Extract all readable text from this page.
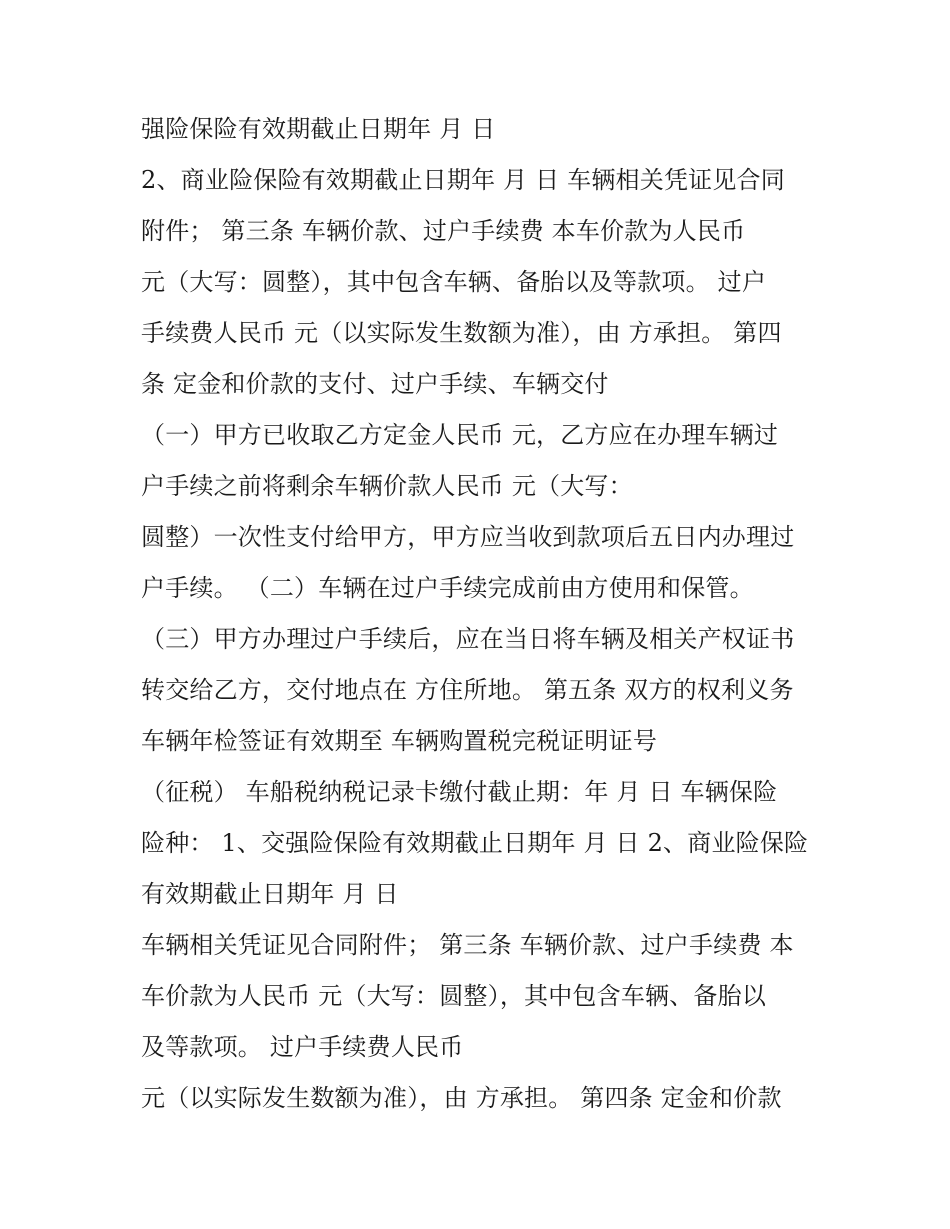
强险保险有效期截止日期年 月 日
2、商业险保险有效期截止日期年 月 日 车辆相关凭证见合同
附件； 第三条 车辆价款、过户手续费 本车价款为人民币
元（大写：圆整），其中包含车辆、备胎以及等款项。 过户
手续费人民币 元（以实际发生数额为准），由 方承担。 第四
条 定金和价款的支付、过户手续、车辆交付
（一）甲方已收取乙方定金人民币 元，乙方应在办理车辆过
户手续之前将剩余车辆价款人民币 元（大写：
圆整）一次性支付给甲方，甲方应当收到款项后五日内办理过
户手续。 （二）车辆在过户手续完成前由方使用和保管。
（三）甲方办理过户手续后，应在当日将车辆及相关产权证书
转交给乙方，交付地点在 方住所地。 第五条 双方的权利义务
车辆年检签证有效期至 车辆购置税完税证明证号
（征税） 车船税纳税记录卡缴付截止期：年 月 日 车辆保险
险种： 1、交强险保险有效期截止日期年 月 日 2、商业险保险
有效期截止日期年 月 日
车辆相关凭证见合同附件； 第三条 车辆价款、过户手续费 本
车价款为人民币 元（大写：圆整），其中包含车辆、备胎以
及等款项。 过户手续费人民币
元（以实际发生数额为准），由 方承担。 第四条 定金和价款
